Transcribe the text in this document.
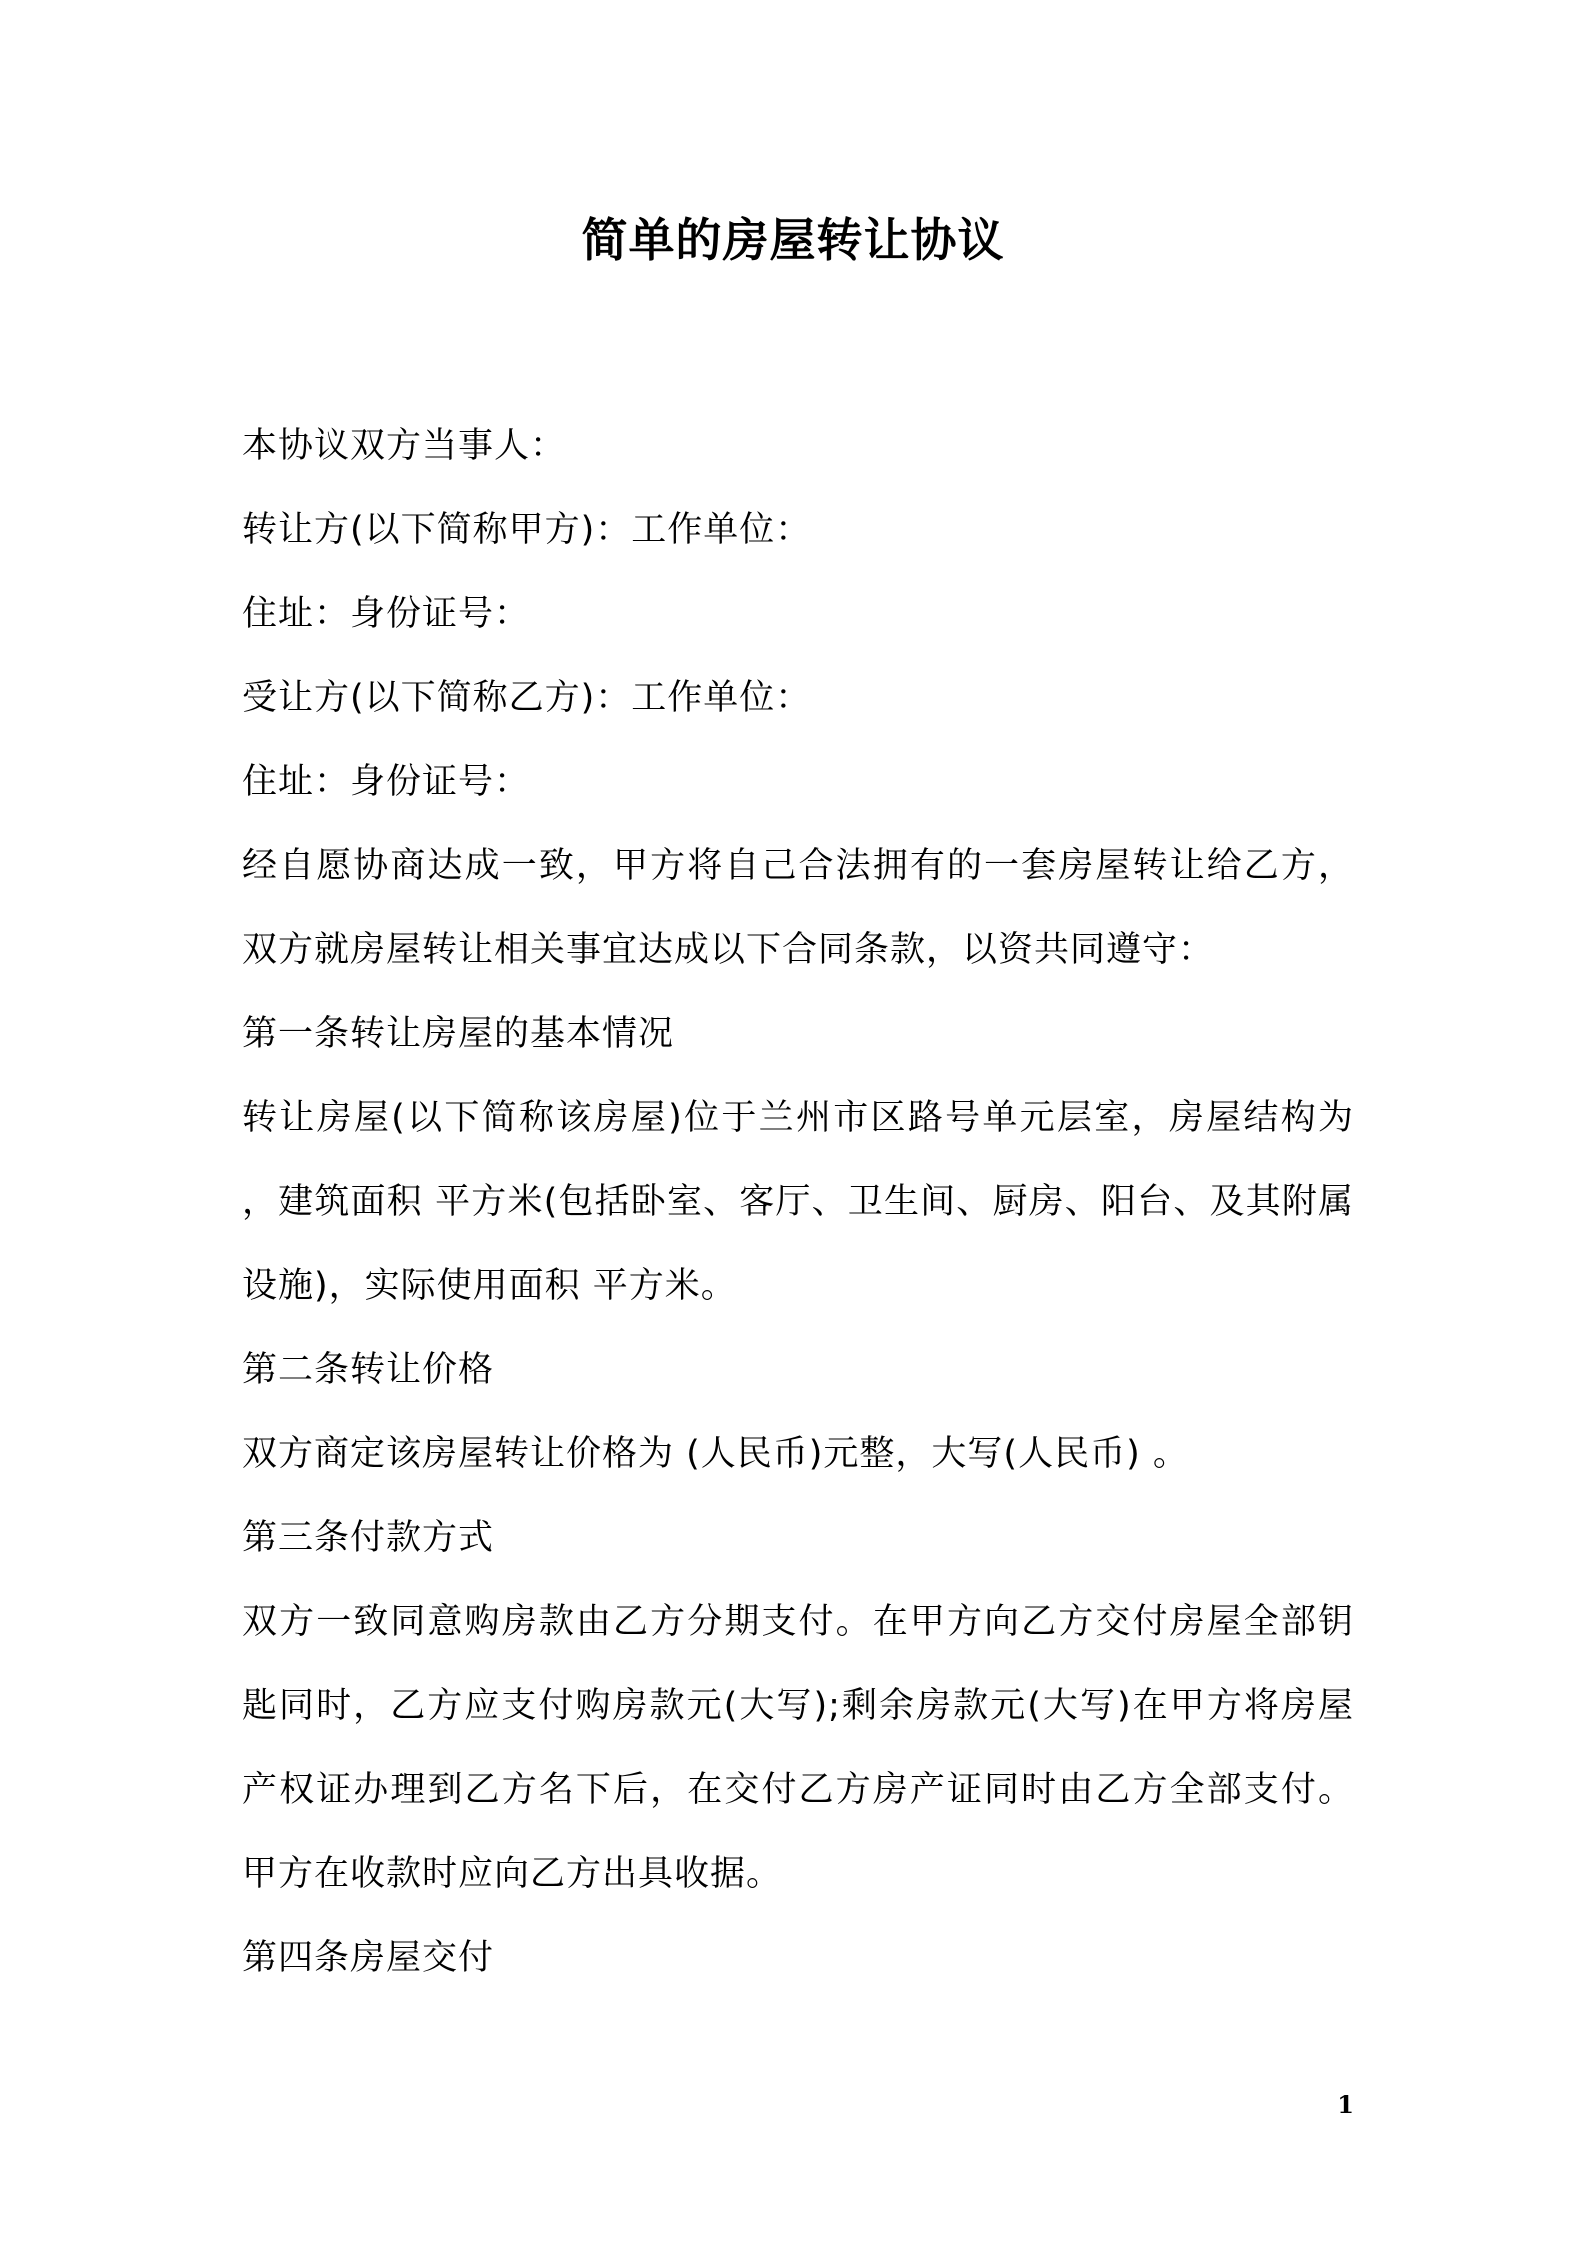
简单的房屋转让协议

本协议双方当事人：

转让方(以下简称甲方)：工作单位：

住址：身份证号：

受让方(以下简称乙方)：工作单位：

住址：身份证号：

经自愿协商达成一致，甲方将自己合法拥有的一套房屋转让给乙方，双方就房屋转让相关事宜达成以下合同条款，以资共同遵守：

第一条转让房屋的基本情况

转让房屋(以下简称该房屋)位于兰州市区路号单元层室，房屋结构为 ，建筑面积 平方米(包括卧室、客厅、卫生间、厨房、阳台、及其附属设施)，实际使用面积 平方米。

第二条转让价格

双方商定该房屋转让价格为 (人民币)元整，大写(人民币) 。

第三条付款方式

双方一致同意购房款由乙方分期支付。在甲方向乙方交付房屋全部钥匙同时，乙方应支付购房款元(大写);剩余房款元(大写)在甲方将房屋产权证办理到乙方名下后，在交付乙方房产证同时由乙方全部支付。甲方在收款时应向乙方出具收据。

第四条房屋交付

1
